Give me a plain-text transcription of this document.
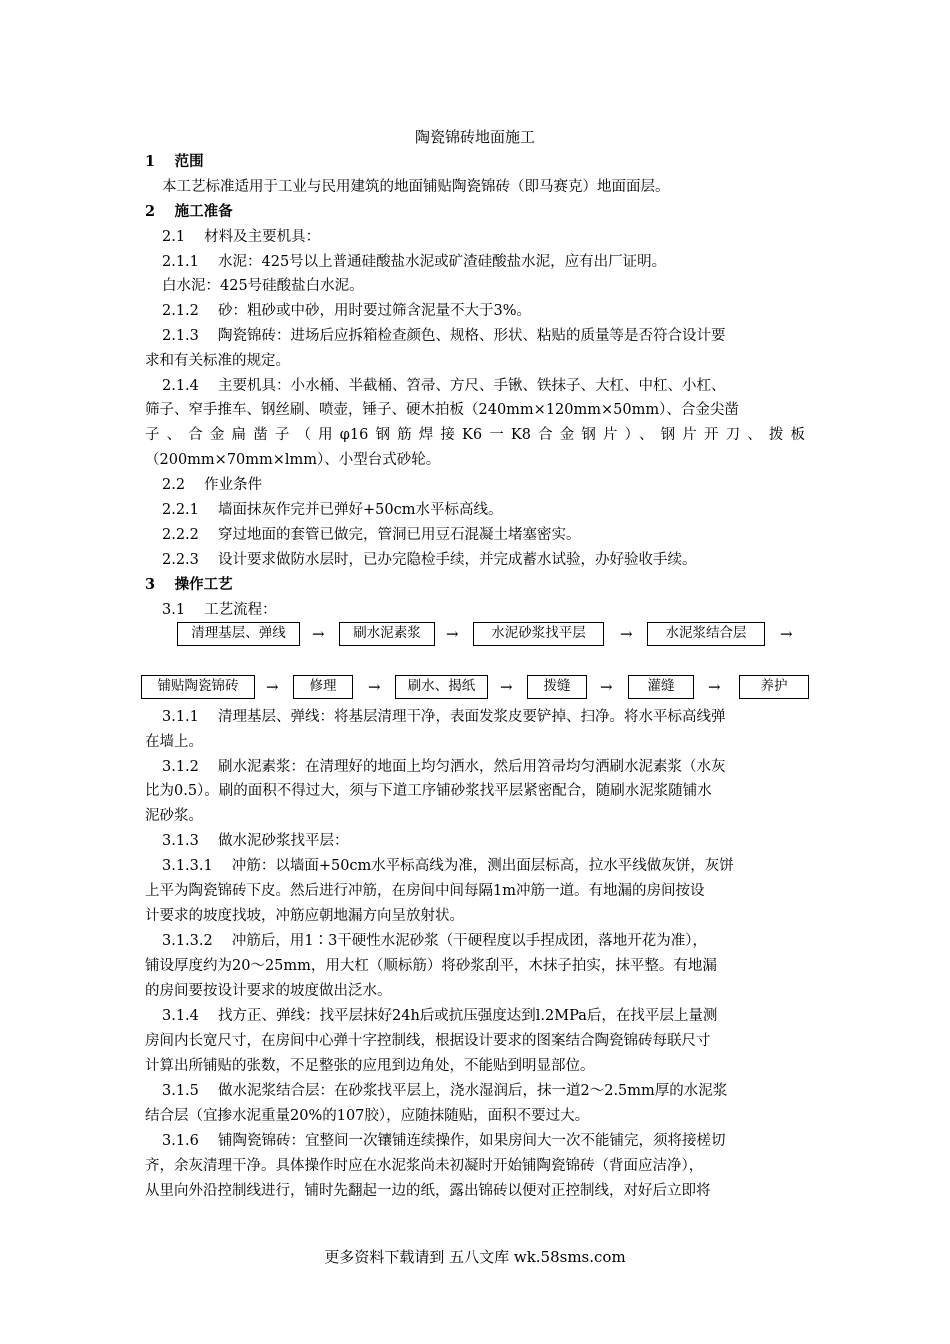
陶瓷锦砖地面施工
1　 范围
本工艺标准适用于工业与民用建筑的地面铺贴陶瓷锦砖（即马赛克）地面面层。
2　 施工准备
2.1　 材料及主要机具：
2.1.1　 水泥：425号以上普通硅酸盐水泥或矿渣硅酸盐水泥，应有出厂证明。
白水泥：425号硅酸盐白水泥。
2.1.2　 砂：粗砂或中砂，用时要过筛含泥量不大于3%。
2.1.3　 陶瓷锦砖：进场后应拆箱检查颜色、规格、形状、粘贴的质量等是否符合设计要
求和有关标准的规定。
2.1.4　 主要机具：小水桶、半截桶、笤帚、方尺、手锹、铁抹子、大杠、中杠、小杠、
筛子、窄手推车、钢丝刷、喷壶，锤子、硬木拍板（240mm×120mm×50mm）、合金尖凿
子、合金扁凿子（用φ16钢筋焊接K6一K8合金钢片）、钢片开刀、拨板
（200mm×70mm×lmm）、小型台式砂轮。
2.2　 作业条件
2.2.1　 墙面抹灰作完并已弹好+50cm水平标高线。
2.2.2　 穿过地面的套管已做完，管洞已用豆石混凝土堵塞密实。
2.2.3　 设计要求做防水层时，已办完隐检手续，并完成蓄水试验，办好验收手续。
3　 操作工艺
3.1　 工艺流程：
清理基层、弹线	→	刷水泥素浆	→	水泥砂浆找平层	→	水泥浆结合层	→
铺贴陶瓷锦砖	→	修理	→	刷水、揭纸	→	拨缝	→	灌缝	→	养护
3.1.1　 清理基层、弹线：将基层清理干净，表面发浆皮要铲掉、扫净。将水平标高线弹
在墙上。
3.1.2　 刷水泥素浆：在清理好的地面上均匀洒水，然后用笤帚均匀洒刷水泥素浆（水灰
比为0.5）。刷的面积不得过大，须与下道工序铺砂浆找平层紧密配合，随刷水泥浆随铺水
泥砂浆。
3.1.3　 做水泥砂浆找平层：
3.1.3.1　 冲筋：以墙面+50cm水平标高线为准，测出面层标高，拉水平线做灰饼，灰饼
上平为陶瓷锦砖下皮。然后进行冲筋，在房间中间每隔1m冲筋一道。有地漏的房间按设
计要求的坡度找坡，冲筋应朝地漏方向呈放射状。
3.1.3.2　 冲筋后，用1∶3干硬性水泥砂浆（干硬程度以手捏成团，落地开花为准），
铺设厚度约为20～25mm，用大杠（顺标筋）将砂浆刮平，木抹子拍实，抹平整。有地漏
的房间要按设计要求的坡度做出泛水。
3.1.4　 找方正、弹线：找平层抹好24h后或抗压强度达到l.2MPa后，在找平层上量测
房间内长宽尺寸，在房间中心弹十字控制线，根据设计要求的图案结合陶瓷锦砖每联尺寸
计算出所铺贴的张数，不足整张的应甩到边角处，不能贴到明显部位。
3.1.5　 做水泥浆结合层：在砂浆找平层上，浇水湿润后，抹一道2～2.5mm厚的水泥浆
结合层（宜掺水泥重量20%的107胶），应随抹随贴，面积不要过大。
3.1.6　 铺陶瓷锦砖：宜整间一次镶铺连续操作，如果房间大一次不能铺完，须将接槎切
齐，余灰清理干净。具体操作时应在水泥浆尚未初凝时开始铺陶瓷锦砖（背面应洁净），
从里向外沿控制线进行，铺时先翻起一边的纸，露出锦砖以便对正控制线，对好后立即将
更多资料下载请到 五八文库 wk.58sms.com
